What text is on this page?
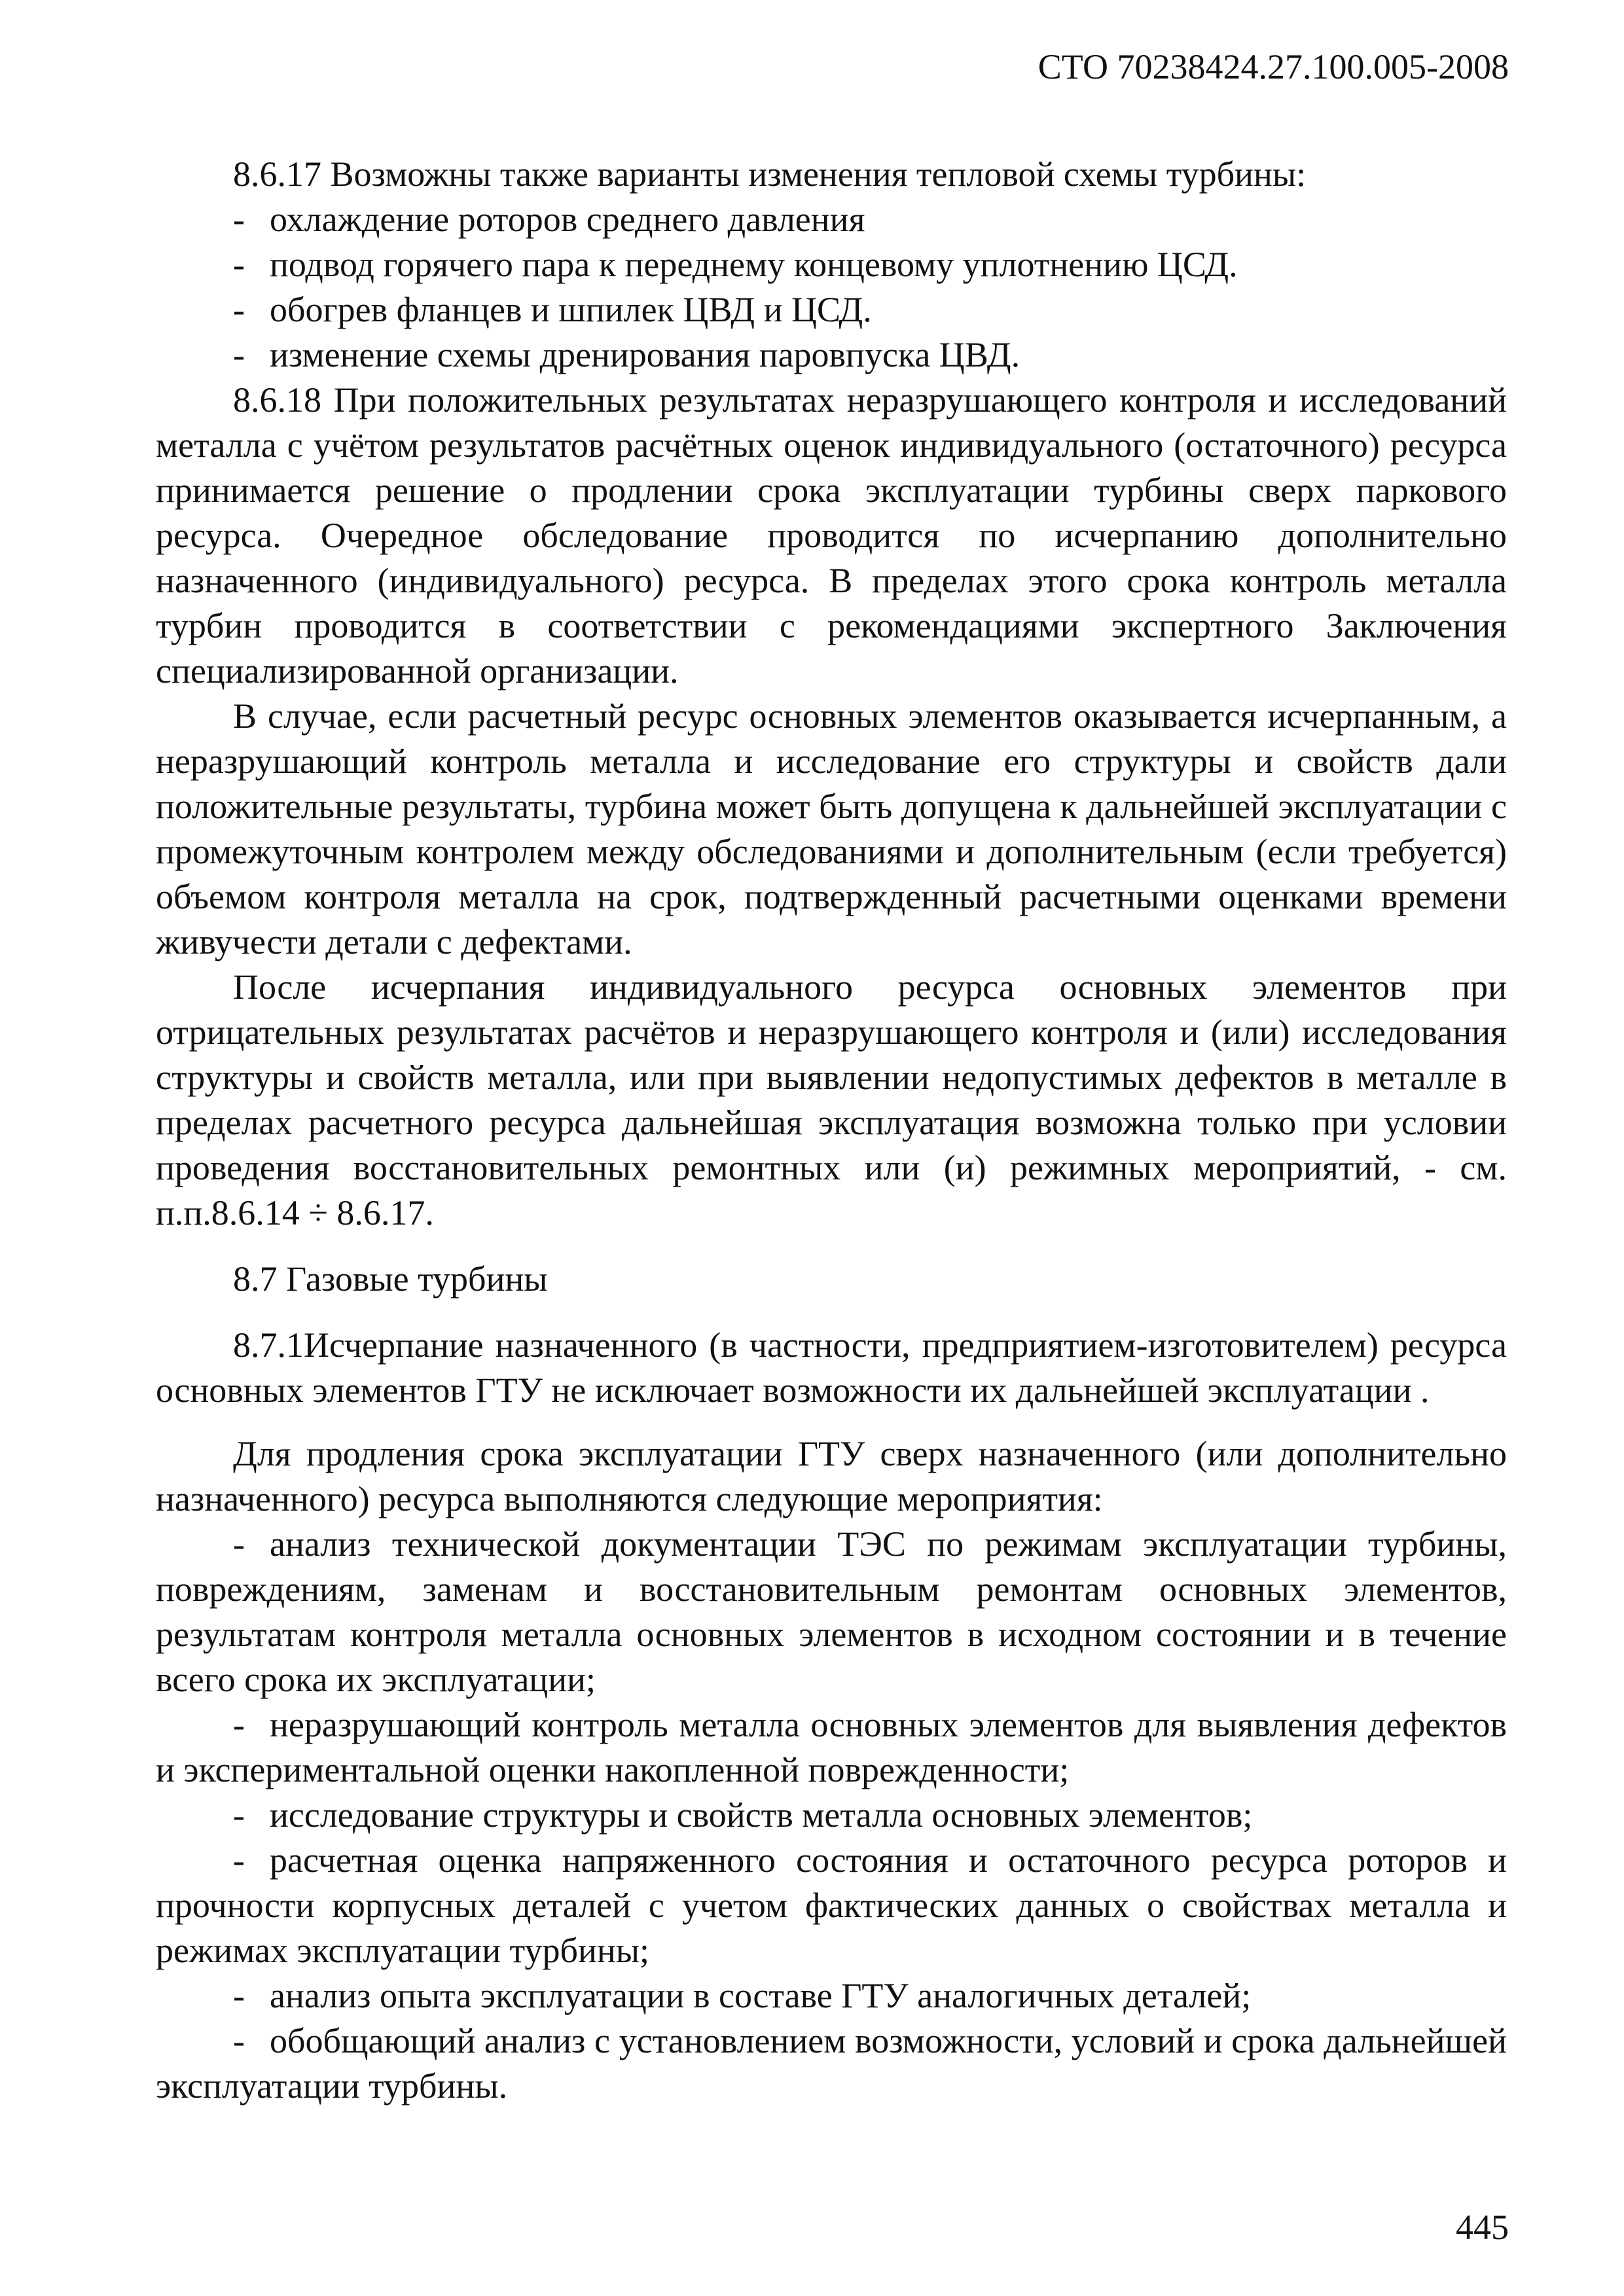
СТО 70238424.27.100.005-2008

8.6.17 Возможны также варианты изменения тепловой схемы турбины:

- охлаждение роторов среднего давления

- подвод горячего пара к переднему концевому уплотнению ЦСД.

- обогрев фланцев и шпилек ЦВД и ЦСД.

- изменение схемы дренирования паровпуска ЦВД.

8.6.18 При положительных результатах неразрушающего контроля и исследований металла с учётом результатов расчётных оценок индивидуального (остаточного) ресурса принимается решение о продлении срока эксплуатации турбины сверх паркового ресурса. Очередное обследование проводится по исчерпанию дополнительно назначенного (индивидуального) ресурса. В пределах этого срока контроль металла турбин проводится в соответствии с рекомендациями экспертного Заключения специализированной организации.

В случае, если расчетный ресурс основных элементов оказывается исчерпанным, а неразрушающий контроль металла и исследование его структуры и свойств дали положительные результаты, турбина может быть допущена к дальнейшей эксплуатации с промежуточным контролем между обследованиями и дополнительным (если требуется) объемом контроля металла на срок, подтвержденный расчетными оценками времени живучести детали с дефектами.

После исчерпания индивидуального ресурса основных элементов при отрицательных результатах расчётов и неразрушающего контроля и (или) исследования структуры и свойств металла, или при выявлении недопустимых дефектов в металле в пределах расчетного ресурса дальнейшая эксплуатация возможна только при условии проведения восстановительных ремонтных или (и) режимных мероприятий, - см. п.п.8.6.14 ÷ 8.6.17.

8.7 Газовые турбины

8.7.1Исчерпание назначенного (в частности, предприятием-изготовителем) ресурса основных элементов ГТУ не исключает возможности их дальнейшей эксплуатации .

Для продления срока эксплуатации ГТУ сверх назначенного (или дополнительно назначенного) ресурса выполняются следующие мероприятия:

- анализ технической документации ТЭС по режимам эксплуатации турбины, повреждениям, заменам и восстановительным ремонтам основных элементов, результатам контроля металла основных элементов в исходном состоянии и в течение всего срока их эксплуатации;

- неразрушающий контроль металла основных элементов для выявления дефектов и экспериментальной оценки накопленной поврежденности;

- исследование структуры и свойств металла основных элементов;

- расчетная оценка напряженного состояния и остаточного ресурса роторов и прочности корпусных деталей с учетом фактических данных о свойствах металла и режимах эксплуатации турбины;

- анализ опыта эксплуатации в составе ГТУ аналогичных деталей;

- обобщающий анализ с установлением возможности, условий и срока дальнейшей эксплуатации турбины.

445
